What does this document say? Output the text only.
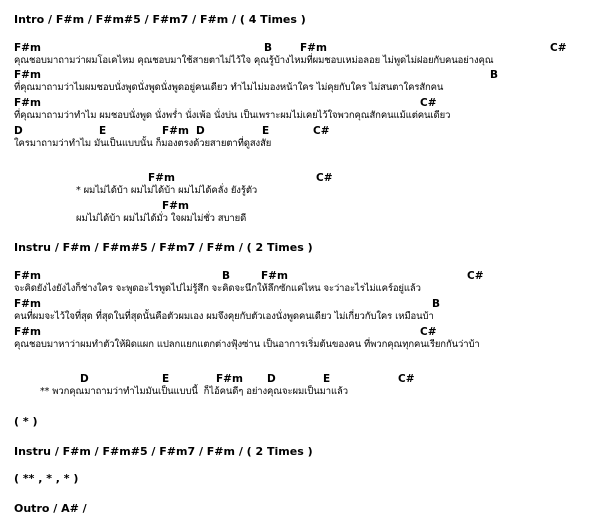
Intro / F#m / F#m#5 / F#m7 / F#m / ( 4 Times )
F#m	B	F#m	C#
คุณชอบมาถามว่าผมโอเคไหม คุณชอบมาใช้สายตาไม่ไว้ใจ คุณรู้บ้างไหมที่ผมชอบเหม่อลอย ไม่พูดไม่ฝอยกับคนอย่างคุณ
F#m	B
ที่คุณมาถามว่าไมผมชอบนั่งพูดนั่งพูดนั่งพูดอยู่คนเดียว ทำไมไม่มองหน้าใคร ไม่คุยกับใคร ไม่สนตาใครสักคน
F#m	C#
ที่คุณมาถามว่าทำไม ผมชอบนั่งพูด นั่งพร่ำ นั่งเพ้อ นั่งบ่น เป็นเพราะผมไม่เคยไว้ใจพวกคุณสักคนแม้แต่คนเดียว
D	E	F#m D	E	C#
ใครมาถามว่าทำไม มันเป็นแบบนั้น ก็มองตรงด้วยสายตาที่ดูสงสัย
F#m	C#
* ผมไม่ได้บ้า ผมไม่ได้บ้า ผมไม่ได้คลั่ง ยังรู้ตัว
F#m
ผมไม่ได้บ้า ผมไม่ได้มั่ว ใจผมไม่ชั่ว สบายดี
Instru / F#m / F#m#5 / F#m7 / F#m / ( 2 Times )
F#m	B	F#m	C#
จะคิดยังไงยังไงก็ช่างใคร จะพูดอะไรพูดไปไม่รู้สึก จะคิดจะนึกให้ลึกซักแค่ไหน จะว่าอะไรไม่แคร์อยู่แล้ว
F#m	B
คนที่ผมจะไว้ใจที่สุด ที่สุดในที่สุดนั้นคือตัวผมเอง ผมจึงคุยกับตัวเองนั่งพูดคนเดียว ไม่เกี่ยวกับใคร เหมือนบ้า
F#m	C#
คุณชอบมาหาว่าผมทำตัวให้ผิดแผก แปลกแยกแตกต่างฟุ้งซ่าน เป็นอาการเริ่มต้นของคน ที่พวกคุณทุกคนเรียกกันว่าบ้า
D	E	F#m D	E	C#
** พวกคุณมาถามว่าทำไมมันเป็นแบบนี้  ก็ไอ้คนดีๆ อย่างคุณจะผมเป็นมาแล้ว
( * )
Instru / F#m / F#m#5 / F#m7 / F#m / ( 2 Times )
( ** , * , * )
Outro / A# /
